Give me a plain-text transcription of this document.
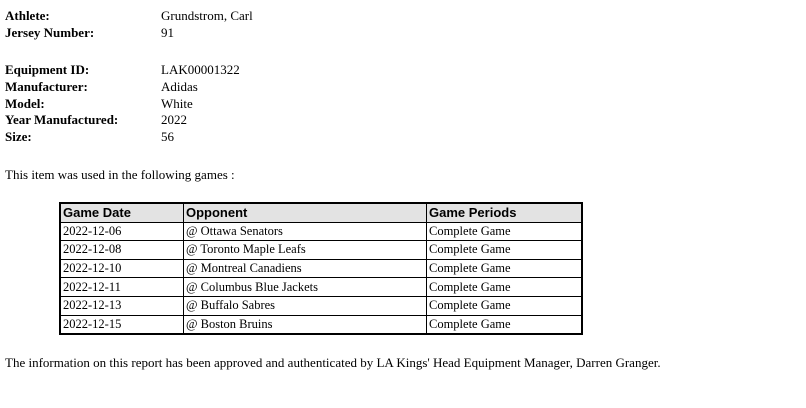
Athlete:	Grundstrom, Carl
Jersey Number:	91
Equipment ID:	LAK00001322
Manufacturer:	Adidas
Model:	White
Year Manufactured:	2022
Size:	56
This item was used in the following games :
Game Date	Opponent	Game Periods
2022-12-06	@ Ottawa Senators	Complete Game
2022-12-08	@ Toronto Maple Leafs	Complete Game
2022-12-10	@ Montreal Canadiens	Complete Game
2022-12-11	@ Columbus Blue Jackets	Complete Game
2022-12-13	@ Buffalo Sabres	Complete Game
2022-12-15	@ Boston Bruins	Complete Game
The information on this report has been approved and authenticated by LA Kings' Head Equipment Manager, Darren Granger.
